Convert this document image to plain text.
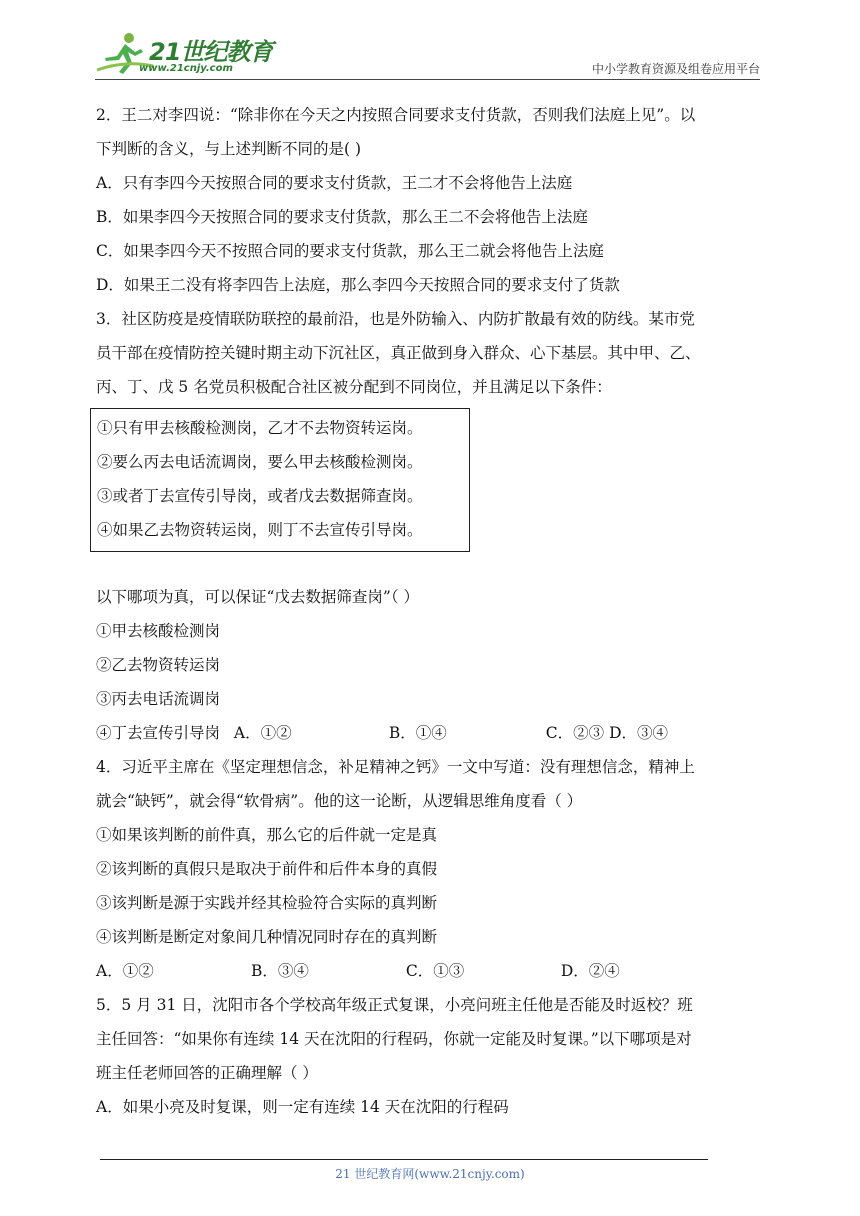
21世纪教育
www.21cnjy.com	中小学教育资源及组卷应用平台
2．王二对李四说：“除非你在今天之内按照合同要求支付货款，否则我们法庭上见”。以
下判断的含义，与上述判断不同的是( )
A．只有李四今天按照合同的要求支付货款，王二才不会将他告上法庭
B．如果李四今天按照合同的要求支付货款，那么王二不会将他告上法庭
C．如果李四今天不按照合同的要求支付货款，那么王二就会将他告上法庭
D．如果王二没有将李四告上法庭，那么李四今天按照合同的要求支付了货款
3．社区防疫是疫情联防联控的最前沿，也是外防输入、内防扩散最有效的防线。某市党
员干部在疫情防控关键时期主动下沉社区，真正做到身入群众、心下基层。其中甲、乙、
丙、丁、戊 5 名党员积极配合社区被分配到不同岗位，并且满足以下条件：
①只有甲去核酸检测岗，乙才不去物资转运岗。
②要么丙去电话流调岗，要么甲去核酸检测岗。
③或者丁去宣传引导岗，或者戊去数据筛查岗。
④如果乙去物资转运岗，则丁不去宣传引导岗。
以下哪项为真，可以保证“戊去数据筛查岗”（ ）
①甲去核酸检测岗
②乙去物资转运岗
③丙去电话流调岗
④丁去宣传引导岗 A．①②	B．①④	C．②③ D．③④
4．习近平主席在《坚定理想信念，补足精神之钙》一文中写道：没有理想信念，精神上
就会“缺钙”，就会得“软骨病”。他的这一论断，从逻辑思维角度看（ ）
①如果该判断的前件真，那么它的后件就一定是真
②该判断的真假只是取决于前件和后件本身的真假
③该判断是源于实践并经其检验符合实际的真判断
④该判断是断定对象间几种情况同时存在的真判断
A．①②	B．③④	C．①③	D．②④
5．5 月 31 日，沈阳市各个学校高年级正式复课，小亮问班主任他是否能及时返校？班
主任回答：“如果你有连续 14 天在沈阳的行程码，你就一定能及时复课。”以下哪项是对
班主任老师回答的正确理解（ ）
A．如果小亮及时复课，则一定有连续 14 天在沈阳的行程码
21 世纪教育网(www.21cnjy.com)
